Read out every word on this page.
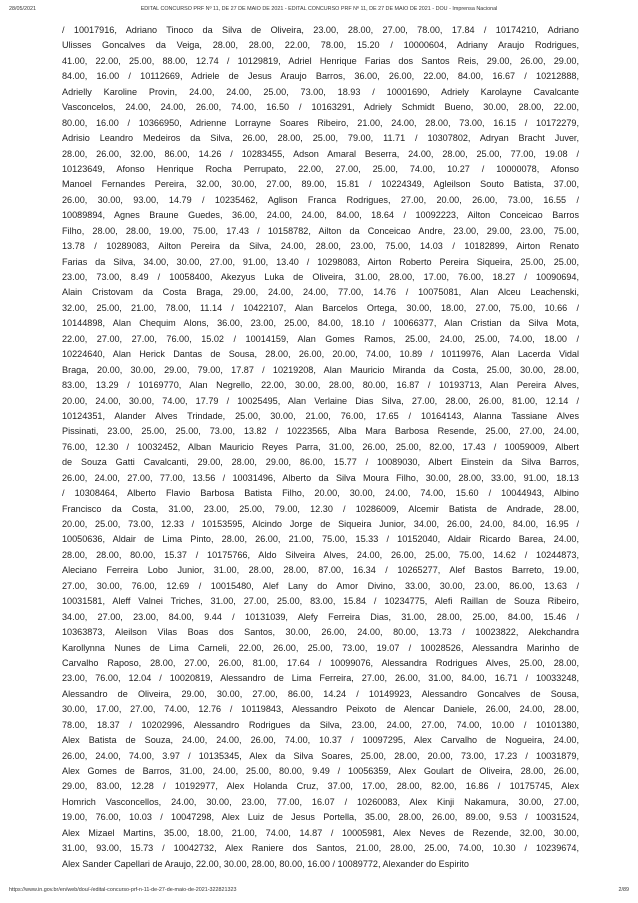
28/05/2021	EDITAL CONCURSO PRF Nº 11, DE 27 DE MAIO DE 2021 - EDITAL CONCURSO PRF Nº 11, DE 27 DE MAIO DE 2021 - DOU - Imprensa Nacional

/ 10017916, Adriano Tinoco da Silva de Oliveira, 23.00, 28.00, 27.00, 78.00, 17.84 / 10174210, Adriano

Ulisses Goncalves da Veiga, 28.00, 28.00, 22.00, 78.00, 15.20 / 10000604, Adriany Araujo Rodrigues,

41.00, 22.00, 25.00, 88.00, 12.74 / 10129819, Adriel Henrique Farias dos Santos Reis, 29.00, 26.00, 29.00,

84.00, 16.00 / 10112669, Adriele de Jesus Araujo Barros, 36.00, 26.00, 22.00, 84.00, 16.67 / 10212888,

Adrielly Karoline Provin, 24.00, 24.00, 25.00, 73.00, 18.93 / 10001690, Adriely Karolayne Cavalcante

Vasconcelos, 24.00, 24.00, 26.00, 74.00, 16.50 / 10163291, Adriely Schmidt Bueno, 30.00, 28.00, 22.00,

80.00, 16.00 / 10366950, Adrienne Lorrayne Soares Ribeiro, 21.00, 24.00, 28.00, 73.00, 16.15 / 10172279,

Adrisio Leandro Medeiros da Silva, 26.00, 28.00, 25.00, 79.00, 11.71 / 10307802, Adryan Bracht Juver,

28.00, 26.00, 32.00, 86.00, 14.26 / 10283455, Adson Amaral Beserra, 24.00, 28.00, 25.00, 77.00, 19.08 /

10123649, Afonso Henrique Rocha Perrupato, 22.00, 27.00, 25.00, 74.00, 10.27 / 10000078, Afonso

Manoel Fernandes Pereira, 32.00, 30.00, 27.00, 89.00, 15.81 / 10224349, Agleilson Souto Batista, 37.00,

26.00, 30.00, 93.00, 14.79 / 10235462, Aglison Franca Rodrigues, 27.00, 20.00, 26.00, 73.00, 16.55 /

10089894, Agnes Braune Guedes, 36.00, 24.00, 24.00, 84.00, 18.64 / 10092223, Ailton Conceicao Barros

Filho, 28.00, 28.00, 19.00, 75.00, 17.43 / 10158782, Ailton da Conceicao Andre, 23.00, 29.00, 23.00, 75.00,

13.78 / 10289083, Ailton Pereira da Silva, 24.00, 28.00, 23.00, 75.00, 14.03 / 10182899, Airton Renato

Farias da Silva, 34.00, 30.00, 27.00, 91.00, 13.40 / 10298083, Airton Roberto Pereira Siqueira, 25.00, 25.00,

23.00, 73.00, 8.49 / 10058400, Akezyus Luka de Oliveira, 31.00, 28.00, 17.00, 76.00, 18.27 / 10090694,

Alain Cristovam da Costa Braga, 29.00, 24.00, 24.00, 77.00, 14.76 / 10075081, Alan Alceu Leachenski,

32.00, 25.00, 21.00, 78.00, 11.14 / 10422107, Alan Barcelos Ortega, 30.00, 18.00, 27.00, 75.00, 10.66 /

10144898, Alan Chequim Alons, 36.00, 23.00, 25.00, 84.00, 18.10 / 10066377, Alan Cristian da Silva Mota,

22.00, 27.00, 27.00, 76.00, 15.02 / 10014159, Alan Gomes Ramos, 25.00, 24.00, 25.00, 74.00, 18.00 /

10224640, Alan Herick Dantas de Sousa, 28.00, 26.00, 20.00, 74.00, 10.89 / 10119976, Alan Lacerda Vidal

Braga, 20.00, 30.00, 29.00, 79.00, 17.87 / 10219208, Alan Mauricio Miranda da Costa, 25.00, 30.00, 28.00,

83.00, 13.29 / 10169770, Alan Negrello, 22.00, 30.00, 28.00, 80.00, 16.87 / 10193713, Alan Pereira Alves,

20.00, 24.00, 30.00, 74.00, 17.79 / 10025495, Alan Verlaine Dias Silva, 27.00, 28.00, 26.00, 81.00, 12.14 /

10124351, Alander Alves Trindade, 25.00, 30.00, 21.00, 76.00, 17.65 / 10164143, Alanna Tassiane Alves

Pissinati, 23.00, 25.00, 25.00, 73.00, 13.82 / 10223565, Alba Mara Barbosa Resende, 25.00, 27.00, 24.00,

76.00, 12.30 / 10032452, Alban Mauricio Reyes Parra, 31.00, 26.00, 25.00, 82.00, 17.43 / 10059009, Albert

de Souza Gatti Cavalcanti, 29.00, 28.00, 29.00, 86.00, 15.77 / 10089030, Albert Einstein da Silva Barros,

26.00, 24.00, 27.00, 77.00, 13.56 / 10031496, Alberto da Silva Moura Filho, 30.00, 28.00, 33.00, 91.00, 18.13

/ 10308464, Alberto Flavio Barbosa Batista Filho, 20.00, 30.00, 24.00, 74.00, 15.60 / 10044943, Albino

Francisco da Costa, 31.00, 23.00, 25.00, 79.00, 12.30 / 10286009, Alcemir Batista de Andrade, 28.00,

20.00, 25.00, 73.00, 12.33 / 10153595, Alcindo Jorge de Siqueira Junior, 34.00, 26.00, 24.00, 84.00, 16.95 /

10050636, Aldair de Lima Pinto, 28.00, 26.00, 21.00, 75.00, 15.33 / 10152040, Aldair Ricardo Barea, 24.00,

28.00, 28.00, 80.00, 15.37 / 10175766, Aldo Silveira Alves, 24.00, 26.00, 25.00, 75.00, 14.62 / 10244873,

Aleciano Ferreira Lobo Junior, 31.00, 28.00, 28.00, 87.00, 16.34 / 10265277, Alef Bastos Barreto, 19.00,

27.00, 30.00, 76.00, 12.69 / 10015480, Alef Lany do Amor Divino, 33.00, 30.00, 23.00, 86.00, 13.63 /

10031581, Aleff Valnei Triches, 31.00, 27.00, 25.00, 83.00, 15.84 / 10234775, Alefi Raillan de Souza Ribeiro,

34.00, 27.00, 23.00, 84.00, 9.44 / 10131039, Alefy Ferreira Dias, 31.00, 28.00, 25.00, 84.00, 15.46 /

10363873, Aleilson Vilas Boas dos Santos, 30.00, 26.00, 24.00, 80.00, 13.73 / 10023822, Alekchandra

Karollynna Nunes de Lima Carneli, 22.00, 26.00, 25.00, 73.00, 19.07 / 10028526, Alessandra Marinho de

Carvalho Raposo, 28.00, 27.00, 26.00, 81.00, 17.64 / 10099076, Alessandra Rodrigues Alves, 25.00, 28.00,

23.00, 76.00, 12.04 / 10020819, Alessandro de Lima Ferreira, 27.00, 26.00, 31.00, 84.00, 16.71 / 10033248,

Alessandro de Oliveira, 29.00, 30.00, 27.00, 86.00, 14.24 / 10149923, Alessandro Goncalves de Sousa,

30.00, 17.00, 27.00, 74.00, 12.76 / 10119843, Alessandro Peixoto de Alencar Daniele, 26.00, 24.00, 28.00,

78.00, 18.37 / 10202996, Alessandro Rodrigues da Silva, 23.00, 24.00, 27.00, 74.00, 10.00 / 10101380,

Alex Batista de Souza, 24.00, 24.00, 26.00, 74.00, 10.37 / 10097295, Alex Carvalho de Nogueira, 24.00,

26.00, 24.00, 74.00, 3.97 / 10135345, Alex da Silva Soares, 25.00, 28.00, 20.00, 73.00, 17.23 / 10031879,

Alex Gomes de Barros, 31.00, 24.00, 25.00, 80.00, 9.49 / 10056359, Alex Goulart de Oliveira, 28.00, 26.00,

29.00, 83.00, 12.28 / 10192977, Alex Holanda Cruz, 37.00, 17.00, 28.00, 82.00, 16.86 / 10175745, Alex

Homrich Vasconcellos, 24.00, 30.00, 23.00, 77.00, 16.07 / 10260083, Alex Kinji Nakamura, 30.00, 27.00,

19.00, 76.00, 10.03 / 10047298, Alex Luiz de Jesus Portella, 35.00, 28.00, 26.00, 89.00, 9.53 / 10031524,

Alex Mizael Martins, 35.00, 18.00, 21.00, 74.00, 14.87 / 10005981, Alex Neves de Rezende, 32.00, 30.00,

31.00, 93.00, 15.73 / 10042732, Alex Raniere dos Santos, 21.00, 28.00, 25.00, 74.00, 10.30 / 10239674,

Alex Sander Capellari de Araujo, 22.00, 30.00, 28.00, 80.00, 16.00 / 10089772, Alexander do Espirito

https://www.in.gov.br/en/web/dou/-/edital-concurso-prf-n-11-de-27-de-maio-de-2021-322821323	2/89
